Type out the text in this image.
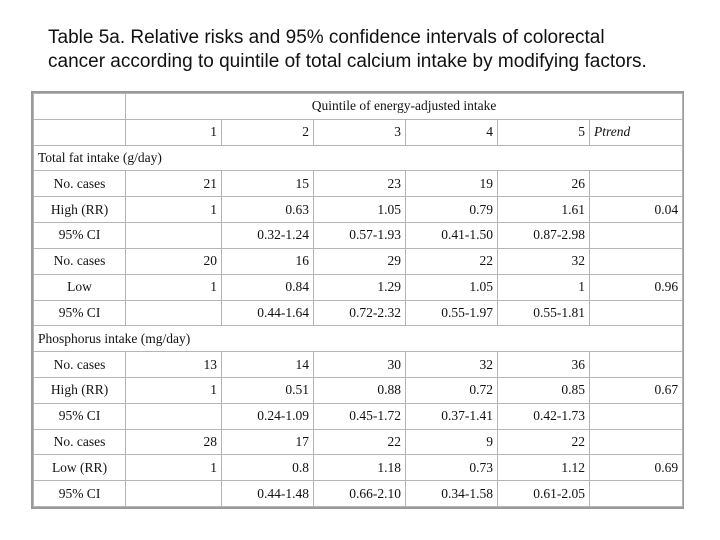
Table 5a. Relative risks and 95% confidence intervals of colorectal
cancer according to quintile of total calcium intake by modifying factors.
	Quintile of energy-adjusted intake					
	1	2	3	4	5	Ptrend
Total fat intake (g/day)						
No. cases	21	15	23	19	26	
High (RR)	1	0.63	1.05	0.79	1.61	0.04
95% CI		0.32-1.24	0.57-1.93	0.41-1.50	0.87-2.98	
No. cases	20	16	29	22	32	
Low	1	0.84	1.29	1.05	1	0.96
95% CI		0.44-1.64	0.72-2.32	0.55-1.97	0.55-1.81	
Phosphorus intake (mg/day)						
No. cases	13	14	30	32	36	
High (RR)	1	0.51	0.88	0.72	0.85	0.67
95% CI		0.24-1.09	0.45-1.72	0.37-1.41	0.42-1.73	
No. cases	28	17	22	9	22	
Low (RR)	1	0.8	1.18	0.73	1.12	0.69
95% CI		0.44-1.48	0.66-2.10	0.34-1.58	0.61-2.05	
